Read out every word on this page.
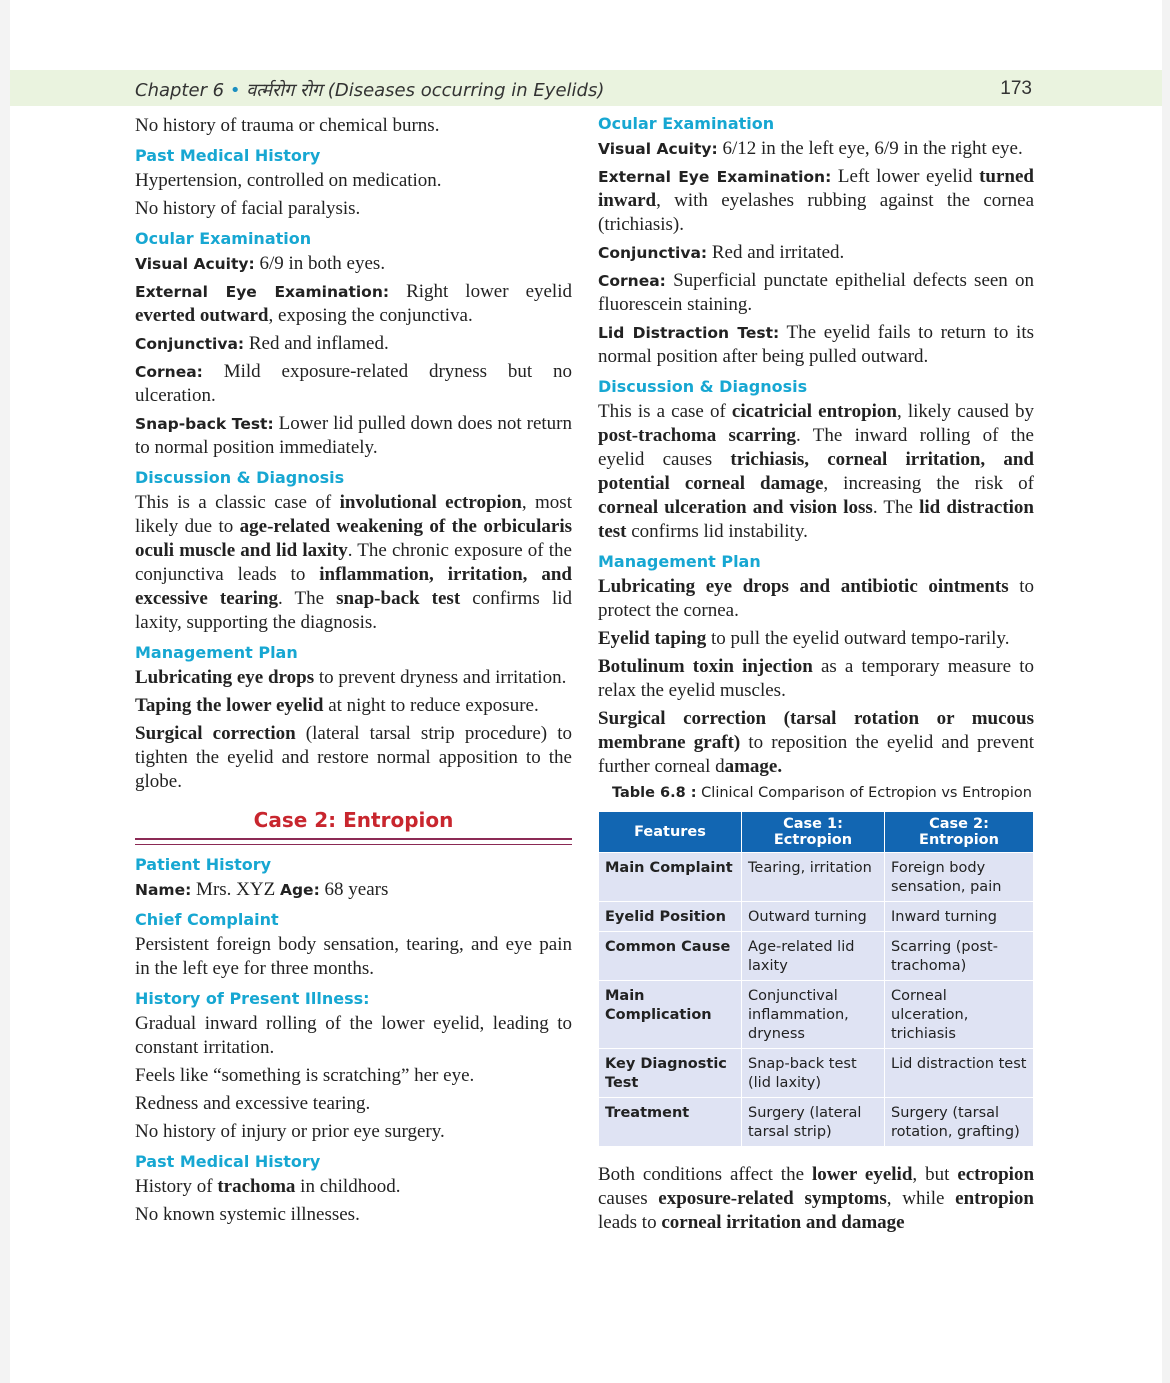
Chapter 6 • वर्त्मरोग रोग (Diseases occurring in Eyelids)	173

No history of trauma or chemical burns.

Past Medical History

Hypertension, controlled on medication.

No history of facial paralysis.

Ocular Examination

Visual Acuity: 6/9 in both eyes.

External Eye Examination: Right lower eyelid everted outward, exposing the conjunctiva.

Conjunctiva: Red and inflamed.

Cornea: Mild exposure-related dryness but no ulceration.

Snap-back Test: Lower lid pulled down does not return to normal position immediately.

Discussion & Diagnosis

This is a classic case of involutional ectropion, most likely due to age-related weakening of the orbicularis oculi muscle and lid laxity. The chronic exposure of the conjunctiva leads to inflammation, irritation, and excessive tearing. The snap-back test confirms lid laxity, supporting the diagnosis.

Management Plan

Lubricating eye drops to prevent dryness and irritation.

Taping the lower eyelid at night to reduce exposure.

Surgical correction (lateral tarsal strip procedure) to tighten the eyelid and restore normal apposition to the globe.

Case 2: Entropion
Patient History

Name: Mrs. XYZ Age: 68 years

Chief Complaint

Persistent foreign body sensation, tearing, and eye pain in the left eye for three months.

History of Present Illness:

Gradual inward rolling of the lower eyelid, leading to constant irritation.

Feels like “something is scratching” her eye.

Redness and excessive tearing.

No history of injury or prior eye surgery.

Past Medical History

History of trachoma in childhood.

No known systemic illnesses.

Ocular Examination

Visual Acuity: 6/12 in the left eye, 6/9 in the right eye.

External Eye Examination: Left lower eyelid turned inward, with eyelashes rubbing against the cornea (trichiasis).

Conjunctiva: Red and irritated.

Cornea: Superficial punctate epithelial defects seen on fluorescein staining.

Lid Distraction Test: The eyelid fails to return to its normal position after being pulled outward.

Discussion & Diagnosis

This is a case of cicatricial entropion, likely caused by post-trachoma scarring. The inward rolling of the eyelid causes trichiasis, corneal irritation, and potential corneal damage, increasing the risk of corneal ulceration and vision loss. The lid distraction test confirms lid instability.

Management Plan

Lubricating eye drops and antibiotic ointments to protect the cornea.

Eyelid taping to pull the eyelid outward tempo-rarily.

Botulinum toxin injection as a temporary measure to relax the eyelid muscles.

Surgical correction (tarsal rotation or mucous membrane graft) to reposition the eyelid and prevent further corneal damage.

Table 6.8 : Clinical Comparison of Ectropion vs Entropion
Features	Case 1: Ectropion	Case 2: Entropion
Main Complaint	Tearing, irritation	Foreign body sensation, pain
Eyelid Position	Outward turning	Inward turning
Common Cause	Age-related lid laxity	Scarring (post-trachoma)
Main Complication	Conjunctival inflammation, dryness	Corneal ulceration, trichiasis
Key Diagnostic Test	Snap-back test (lid laxity)	Lid distraction test
Treatment	Surgery (lateral tarsal strip)	Surgery (tarsal rotation, grafting)

Both conditions affect the lower eyelid, but ectropion causes exposure-related symptoms, while entropion leads to corneal irritation and damage
